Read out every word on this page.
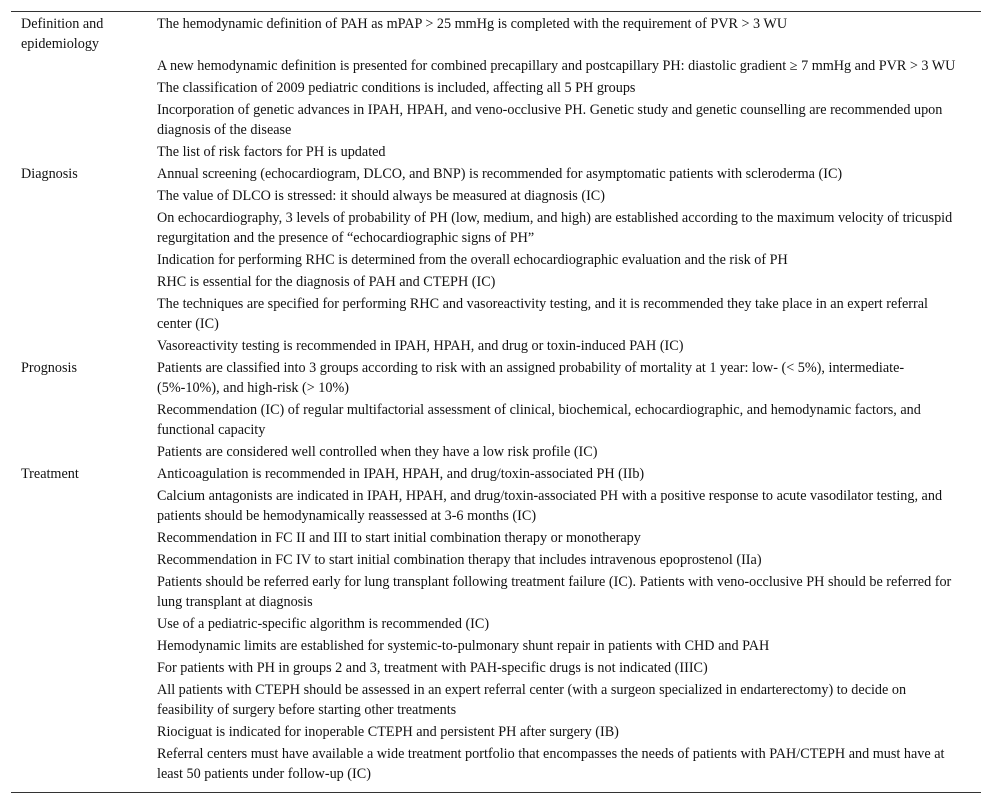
Definition and epidemiology	The hemodynamic definition of PAH as mPAP > 25 mmHg is completed with the requirement of PVR > 3 WU
	A new hemodynamic definition is presented for combined precapillary and postcapillary PH: diastolic gradient ≥ 7 mmHg and PVR > 3 WU
	The classification of 2009 pediatric conditions is included, affecting all 5 PH groups
	Incorporation of genetic advances in IPAH, HPAH, and veno-occlusive PH. Genetic study and genetic counselling are recommended upon diagnosis of the disease
	The list of risk factors for PH is updated
Diagnosis	Annual screening (echocardiogram, DLCO, and BNP) is recommended for asymptomatic patients with scleroderma (IC)
	The value of DLCO is stressed: it should always be measured at diagnosis (IC)
	On echocardiography, 3 levels of probability of PH (low, medium, and high) are established according to the maximum velocity of tricuspid regurgitation and the presence of “echocardiographic signs of PH”
	Indication for performing RHC is determined from the overall echocardiographic evaluation and the risk of PH
	RHC is essential for the diagnosis of PAH and CTEPH (IC)
	The techniques are specified for performing RHC and vasoreactivity testing, and it is recommended they take place in an expert referral center (IC)
	Vasoreactivity testing is recommended in IPAH, HPAH, and drug or toxin-induced PAH (IC)
Prognosis	Patients are classified into 3 groups according to risk with an assigned probability of mortality at 1 year: low- (< 5%), intermediate- (5%-10%), and high-risk (> 10%)
	Recommendation (IC) of regular multifactorial assessment of clinical, biochemical, echocardiographic, and hemodynamic factors, and functional capacity
	Patients are considered well controlled when they have a low risk profile (IC)
Treatment	Anticoagulation is recommended in IPAH, HPAH, and drug/toxin-associated PH (IIb)
	Calcium antagonists are indicated in IPAH, HPAH, and drug/toxin-associated PH with a positive response to acute vasodilator testing, and patients should be hemodynamically reassessed at 3-6 months (IC)
	Recommendation in FC II and III to start initial combination therapy or monotherapy
	Recommendation in FC IV to start initial combination therapy that includes intravenous epoprostenol (IIa)
	Patients should be referred early for lung transplant following treatment failure (IC). Patients with veno-occlusive PH should be referred for lung transplant at diagnosis
	Use of a pediatric-specific algorithm is recommended (IC)
	Hemodynamic limits are established for systemic-to-pulmonary shunt repair in patients with CHD and PAH
	For patients with PH in groups 2 and 3, treatment with PAH-specific drugs is not indicated (IIIC)
	All patients with CTEPH should be assessed in an expert referral center (with a surgeon specialized in endarterectomy) to decide on feasibility of surgery before starting other treatments
	Riociguat is indicated for inoperable CTEPH and persistent PH after surgery (IB)
	Referral centers must have available a wide treatment portfolio that encompasses the needs of patients with PAH/CTEPH and must have at least 50 patients under follow-up (IC)
